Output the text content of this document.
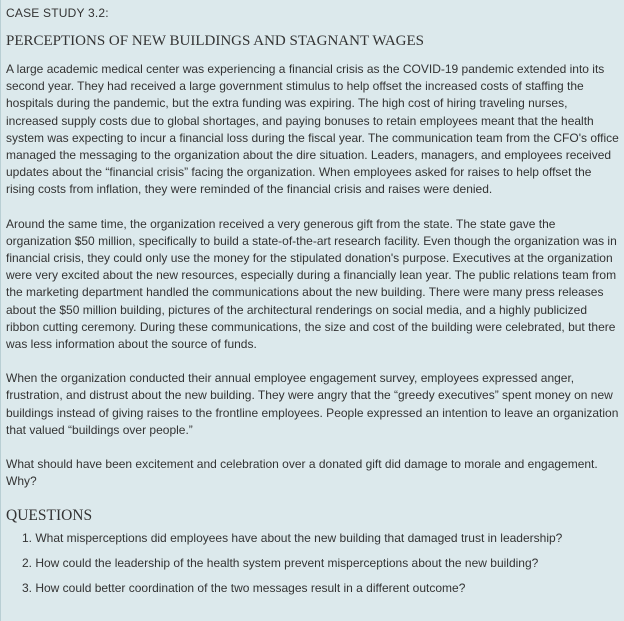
CASE STUDY 3.2:
PERCEPTIONS OF NEW BUILDINGS AND STAGNANT WAGES

A large academic medical center was experiencing a financial crisis as the COVID-19 pandemic extended into its second year. They had received a large government stimulus to help offset the increased costs of staffing the hospitals during the pandemic, but the extra funding was expiring. The high cost of hiring traveling nurses, increased supply costs due to global shortages, and paying bonuses to retain employees meant that the health system was expecting to incur a financial loss during the fiscal year. The communication team from the CFO's office managed the messaging to the organization about the dire situation. Leaders, managers, and employees received updates about the “financial crisis” facing the organization. When employees asked for raises to help offset the rising costs from inflation, they were reminded of the financial crisis and raises were denied.

Around the same time, the organization received a very generous gift from the state. The state gave the organization $50 million, specifically to build a state-of-the-art research facility. Even though the organization was in financial crisis, they could only use the money for the stipulated donation's purpose. Executives at the organization were very excited about the new resources, especially during a financially lean year. The public relations team from the marketing department handled the communications about the new building. There were many press releases about the $50 million building, pictures of the architectural renderings on social media, and a highly publicized ribbon cutting ceremony. During these communications, the size and cost of the building were celebrated, but there was less information about the source of funds.

When the organization conducted their annual employee engagement survey, employees expressed anger, frustration, and distrust about the new building. They were angry that the “greedy executives” spent money on new buildings instead of giving raises to the frontline employees. People expressed an intention to leave an organization that valued “buildings over people.”

What should have been excitement and celebration over a donated gift did damage to morale and engagement. Why?

QUESTIONS
1. What misperceptions did employees have about the new building that damaged trust in leadership?
2. How could the leadership of the health system prevent misperceptions about the new building?
3. How could better coordination of the two messages result in a different outcome?
